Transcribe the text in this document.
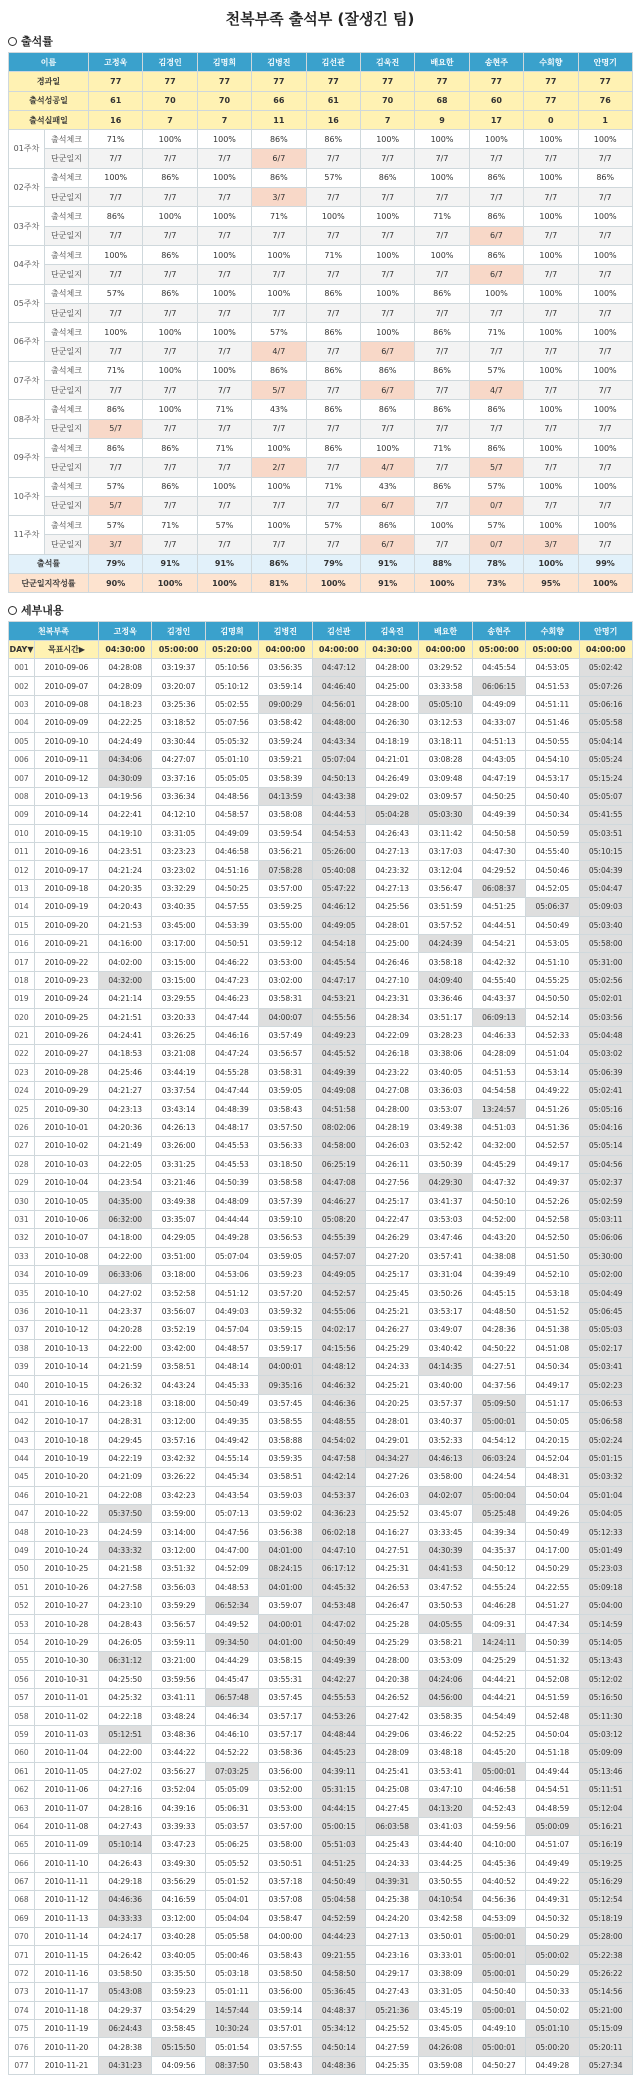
천복부족 출석부 (잘생긴 팀)
출석률
이름		고정욱	김경인	김명희	김병진	김선관	김욱진	배요한	송현주	수회향	안명기
경과일		77	77	77	77	77	77	77	77	77	77
출석성공일		61	70	70	66	61	70	68	60	77	76
출석실패일		16	7	7	11	16	7	9	17	0	1
01주차	출석체크	71%	100%	100%	86%	86%	100%	100%	100%	100%	100%
	단군일지	7/7	7/7	7/7	6/7	7/7	7/7	7/7	7/7	7/7	7/7
02주차	출석체크	100%	86%	100%	86%	57%	86%	100%	86%	100%	86%
	단군일지	7/7	7/7	7/7	3/7	7/7	7/7	7/7	7/7	7/7	7/7
03주차	출석체크	86%	100%	100%	71%	100%	100%	71%	86%	100%	100%
	단군일지	7/7	7/7	7/7	7/7	7/7	7/7	7/7	6/7	7/7	7/7
04주차	출석체크	100%	86%	100%	100%	71%	100%	100%	86%	100%	100%
	단군일지	7/7	7/7	7/7	7/7	7/7	7/7	7/7	6/7	7/7	7/7
05주차	출석체크	57%	86%	100%	100%	86%	100%	86%	100%	100%	100%
	단군일지	7/7	7/7	7/7	7/7	7/7	7/7	7/7	7/7	7/7	7/7
06주차	출석체크	100%	100%	100%	57%	86%	100%	86%	71%	100%	100%
	단군일지	7/7	7/7	7/7	4/7	7/7	6/7	7/7	7/7	7/7	7/7
07주차	출석체크	71%	100%	100%	86%	86%	86%	86%	57%	100%	100%
	단군일지	7/7	7/7	7/7	5/7	7/7	6/7	7/7	4/7	7/7	7/7
08주차	출석체크	86%	100%	71%	43%	86%	86%	86%	86%	100%	100%
	단군일지	5/7	7/7	7/7	7/7	7/7	7/7	7/7	7/7	7/7	7/7
09주차	출석체크	86%	86%	71%	100%	86%	100%	71%	86%	100%	100%
	단군일지	7/7	7/7	7/7	2/7	7/7	4/7	7/7	5/7	7/7	7/7
10주차	출석체크	57%	86%	100%	100%	71%	43%	86%	57%	100%	100%
	단군일지	5/7	7/7	7/7	7/7	7/7	6/7	7/7	0/7	7/7	7/7
11주차	출석체크	57%	71%	57%	100%	57%	86%	100%	57%	100%	100%
	단군일지	3/7	7/7	7/7	7/7	7/7	6/7	7/7	0/7	3/7	7/7
출석률		79%	91%	91%	86%	79%	91%	88%	78%	100%	99%
단군일지작성률		90%	100%	100%	81%	100%	91%	100%	73%	95%	100%
세부내용
천복부족		고정욱	김경인	김명희	김병진	김선관	김욱진	배요한	송현주	수회향	안명기
DAY▼	목표시간▶	04:30:00	05:00:00	05:20:00	04:00:00	04:00:00	04:30:00	04:00:00	05:00:00	05:00:00	04:00:00
001	2010-09-06	04:28:08	03:19:37	05:10:56	03:56:35	04:47:12	04:28:00	03:29:52	04:45:54	04:53:05	05:02:42
002	2010-09-07	04:28:09	03:20:07	05:10:12	03:59:14	04:46:40	04:25:00	03:33:58	06:06:15	04:51:53	05:07:26
003	2010-09-08	04:18:23	03:25:36	05:02:55	09:00:29	04:56:01	04:28:00	05:05:10	04:49:09	04:51:11	05:06:16
004	2010-09-09	04:22:25	03:18:52	05:07:56	03:58:42	04:48:00	04:26:30	03:12:53	04:33:07	04:51:46	05:05:58
005	2010-09-10	04:24:49	03:30:44	05:05:32	03:59:24	04:43:34	04:18:19	03:18:11	04:51:13	04:50:55	05:04:14
006	2010-09-11	04:34:06	04:27:07	05:01:10	03:59:21	05:07:04	04:21:01	03:08:28	04:43:05	04:54:10	05:05:24
007	2010-09-12	04:30:09	03:37:16	05:05:05	03:58:39	04:50:13	04:26:49	03:09:48	04:47:19	04:53:17	05:15:24
008	2010-09-13	04:19:56	03:36:34	04:48:56	04:13:59	04:43:38	04:29:02	03:09:57	04:50:25	04:50:40	05:05:07
009	2010-09-14	04:22:41	04:12:10	04:58:57	03:58:08	04:44:53	05:04:28	05:03:30	04:49:39	04:50:34	05:41:55
010	2010-09-15	04:19:10	03:31:05	04:49:09	03:59:54	04:54:53	04:26:43	03:11:42	04:50:58	04:50:59	05:03:51
011	2010-09-16	04:23:51	03:23:23	04:46:58	03:56:21	05:26:00	04:27:13	03:17:03	04:47:30	04:55:40	05:10:15
012	2010-09-17	04:21:24	03:23:02	04:51:16	07:58:28	05:40:08	04:23:32	03:12:04	04:29:52	04:50:46	05:04:39
013	2010-09-18	04:20:35	03:32:29	04:50:25	03:57:00	05:47:22	04:27:13	03:56:47	06:08:37	04:52:05	05:04:47
014	2010-09-19	04:20:43	03:40:35	04:57:55	03:59:25	04:46:12	04:25:56	03:51:59	04:51:25	05:06:37	05:09:03
015	2010-09-20	04:21:53	03:45:00	04:53:39	03:55:00	04:49:05	04:28:01	03:57:52	04:44:51	04:50:49	05:03:40
016	2010-09-21	04:16:00	03:17:00	04:50:51	03:59:12	04:54:18	04:25:00	04:24:39	04:54:21	04:53:05	05:58:00
017	2010-09-22	04:02:00	03:15:00	04:46:22	03:53:00	04:45:54	04:26:46	03:58:18	04:42:32	04:51:10	05:31:00
018	2010-09-23	04:32:00	03:15:00	04:47:23	03:02:00	04:47:17	04:27:10	04:09:40	04:55:40	04:55:25	05:02:56
019	2010-09-24	04:21:14	03:29:55	04:46:23	03:58:31	04:53:21	04:23:31	03:36:46	04:43:37	04:50:50	05:02:01
020	2010-09-25	04:21:51	03:20:33	04:47:44	04:00:07	04:55:56	04:28:34	03:51:17	06:09:13	04:52:14	05:03:56
021	2010-09-26	04:24:41	03:26:25	04:46:16	03:57:49	04:49:23	04:22:09	03:28:23	04:46:33	04:52:33	05:04:48
022	2010-09-27	04:18:53	03:21:08	04:47:24	03:56:57	04:45:52	04:26:18	03:38:06	04:28:09	04:51:04	05:03:02
023	2010-09-28	04:25:46	03:44:19	04:55:28	03:58:31	04:49:39	04:23:22	03:40:05	04:51:53	04:53:14	05:06:39
024	2010-09-29	04:21:27	03:37:54	04:47:44	03:59:05	04:49:08	04:27:08	03:36:03	04:54:58	04:49:22	05:02:41
025	2010-09-30	04:23:13	03:43:14	04:48:39	03:58:43	04:51:58	04:28:00	03:53:07	13:24:57	04:51:26	05:05:16
026	2010-10-01	04:20:36	04:26:13	04:48:17	03:57:50	08:02:06	04:28:19	03:49:38	04:51:03	04:51:36	05:04:16
027	2010-10-02	04:21:49	03:26:00	04:45:53	03:56:33	04:58:00	04:26:03	03:52:42	04:32:00	04:52:57	05:05:14
028	2010-10-03	04:22:05	03:31:25	04:45:53	03:18:50	06:25:19	04:26:11	03:50:39	04:45:29	04:49:17	05:04:56
029	2010-10-04	04:23:54	03:21:46	04:50:39	03:58:58	04:47:08	04:27:56	04:29:30	04:47:32	04:49:37	05:02:37
030	2010-10-05	04:35:00	03:49:38	04:48:09	03:57:39	04:46:27	04:25:17	03:41:37	04:50:10	04:52:26	05:02:59
031	2010-10-06	06:32:00	03:35:07	04:44:44	03:59:10	05:08:20	04:22:47	03:53:03	04:52:00	04:52:58	05:03:11
032	2010-10-07	04:18:00	04:29:05	04:49:28	03:56:53	04:55:39	04:26:29	03:47:46	04:43:20	04:52:50	05:06:06
033	2010-10-08	04:22:00	03:51:00	05:07:04	03:59:05	04:57:07	04:27:20	03:57:41	04:38:08	04:51:50	05:30:00
034	2010-10-09	06:33:06	03:18:00	04:53:06	03:59:23	04:49:05	04:25:17	03:31:04	04:39:49	04:52:10	05:02:00
035	2010-10-10	04:27:02	03:52:58	04:51:12	03:57:20	04:52:57	04:25:45	03:50:26	04:45:15	04:53:18	05:04:49
036	2010-10-11	04:23:37	03:56:07	04:49:03	03:59:32	04:55:06	04:25:21	03:53:17	04:48:50	04:51:52	05:06:45
037	2010-10-12	04:20:28	03:52:19	04:57:04	03:59:15	04:02:17	04:26:27	03:49:07	04:28:36	04:51:38	05:05:03
038	2010-10-13	04:22:00	03:42:00	04:48:57	03:59:17	04:15:56	04:25:29	03:40:42	04:50:22	04:51:08	05:02:17
039	2010-10-14	04:21:59	03:58:51	04:48:14	04:00:01	04:48:12	04:24:33	04:14:35	04:27:51	04:50:34	05:03:41
040	2010-10-15	04:26:32	04:43:24	04:45:33	09:35:16	04:46:32	04:25:21	03:40:00	04:37:56	04:49:17	05:02:23
041	2010-10-16	04:23:18	03:18:00	04:50:49	03:57:45	04:46:36	04:20:25	03:57:37	05:09:50	04:51:17	05:06:53
042	2010-10-17	04:28:31	03:12:00	04:49:35	03:58:55	04:48:55	04:28:01	03:40:37	05:00:01	04:50:05	05:06:58
043	2010-10-18	04:29:45	03:57:16	04:49:42	03:58:88	04:54:02	04:29:01	03:52:33	04:54:12	04:20:15	05:02:24
044	2010-10-19	04:22:19	03:42:32	04:55:14	03:59:35	04:47:58	04:34:27	04:46:13	06:03:24	04:52:04	05:01:15
045	2010-10-20	04:21:09	03:26:22	04:45:34	03:58:51	04:42:14	04:27:26	03:58:00	04:24:54	04:48:31	05:03:32
046	2010-10-21	04:22:08	03:42:23	04:43:54	03:59:03	04:53:37	04:26:03	04:02:07	05:00:04	04:50:04	05:01:04
047	2010-10-22	05:37:50	03:59:00	05:07:13	03:59:02	04:36:23	04:25:52	03:45:07	05:25:48	04:49:26	05:04:05
048	2010-10-23	04:24:59	03:14:00	04:47:56	03:56:38	06:02:18	04:16:27	03:33:45	04:39:34	04:50:49	05:12:33
049	2010-10-24	04:33:32	03:12:00	04:47:00	04:01:00	04:47:10	04:27:51	04:30:39	04:35:37	04:17:00	05:01:49
050	2010-10-25	04:21:58	03:51:32	04:52:09	08:24:15	06:17:12	04:25:31	04:41:53	04:50:12	04:50:29	05:23:03
051	2010-10-26	04:27:58	03:56:03	04:48:53	04:01:00	04:45:32	04:26:53	03:47:52	04:55:24	04:22:55	05:09:18
052	2010-10-27	04:23:10	03:59:29	06:52:34	03:59:07	04:53:48	04:26:47	03:50:53	04:46:28	04:51:27	05:04:00
053	2010-10-28	04:28:43	03:56:57	04:49:52	04:00:01	04:47:02	04:25:28	04:05:55	04:09:31	04:47:34	05:14:59
054	2010-10-29	04:26:05	03:59:11	09:34:50	04:01:00	04:50:49	04:25:29	03:58:21	14:24:11	04:50:39	05:14:05
055	2010-10-30	06:31:12	03:21:00	04:44:29	03:58:15	04:49:39	04:28:00	03:53:09	04:25:29	04:51:32	05:13:43
056	2010-10-31	04:25:50	03:59:56	04:45:47	03:55:31	04:42:27	04:20:38	04:24:06	04:44:21	04:52:08	05:12:02
057	2010-11-01	04:25:32	03:41:11	06:57:48	03:57:45	04:55:53	04:26:52	04:56:00	04:44:21	04:51:59	05:16:50
058	2010-11-02	04:22:18	03:48:24	04:46:34	03:57:17	04:53:26	04:27:42	03:58:35	04:54:49	04:52:48	05:11:30
059	2010-11-03	05:12:51	03:48:36	04:46:10	03:57:17	04:48:44	04:29:06	03:46:22	04:52:25	04:50:04	05:03:12
060	2010-11-04	04:22:00	03:44:22	04:52:22	03:58:36	04:45:23	04:28:09	03:48:18	04:45:20	04:51:18	05:09:09
061	2010-11-05	04:27:02	03:56:27	07:03:25	03:56:00	04:39:11	04:25:41	03:53:41	05:00:01	04:49:44	05:13:46
062	2010-11-06	04:27:16	03:52:04	05:05:09	03:52:00	05:31:15	04:25:08	03:47:10	04:46:58	04:54:51	05:11:51
063	2010-11-07	04:28:16	04:39:16	05:06:31	03:53:00	04:44:15	04:27:45	04:13:20	04:52:43	04:48:59	05:12:04
064	2010-11-08	04:27:43	03:39:33	05:03:57	03:57:00	05:00:15	06:03:58	03:41:03	04:59:56	05:00:09	05:16:21
065	2010-11-09	05:10:14	03:47:23	05:06:25	03:58:00	05:51:03	04:25:43	03:44:40	04:10:00	04:51:07	05:16:19
066	2010-11-10	04:26:43	03:49:30	05:05:52	03:50:51	04:51:25	04:24:33	03:44:25	04:45:36	04:49:49	05:19:25
067	2010-11-11	04:29:18	03:56:29	05:01:52	03:57:18	04:50:49	04:39:31	03:50:55	04:40:52	04:49:22	05:16:29
068	2010-11-12	04:46:36	04:16:59	05:04:01	03:57:08	05:04:58	04:25:38	04:10:54	04:56:36	04:49:31	05:12:54
069	2010-11-13	04:33:33	03:12:00	05:04:04	03:58:47	04:52:59	04:24:20	03:42:58	04:53:09	04:50:32	05:18:19
070	2010-11-14	04:24:17	03:40:28	05:05:58	04:00:00	04:44:23	04:27:13	03:50:01	05:00:01	04:50:29	05:28:00
071	2010-11-15	04:26:42	03:40:05	05:00:46	03:58:43	09:21:55	04:23:16	03:33:01	05:00:01	05:00:02	05:22:38
072	2010-11-16	03:58:50	03:35:50	05:03:18	03:58:50	04:58:50	04:29:17	03:38:09	05:00:01	04:50:29	05:26:22
073	2010-11-17	05:43:08	03:59:23	05:01:11	03:56:00	05:36:45	04:27:43	03:31:05	04:50:40	04:50:33	05:14:56
074	2010-11-18	04:29:37	03:54:29	14:57:44	03:59:14	04:48:37	05:21:36	03:45:19	05:00:01	04:50:02	05:21:00
075	2010-11-19	06:24:43	03:58:45	10:30:24	03:57:01	05:34:12	04:25:52	03:45:05	04:49:10	05:01:10	05:15:09
076	2010-11-20	04:28:38	05:15:50	05:01:54	03:57:55	04:50:14	04:27:59	04:26:08	05:00:01	05:00:20	05:20:11
077	2010-11-21	04:31:23	04:09:56	08:37:50	03:58:43	04:48:36	04:25:35	03:59:08	04:50:27	04:49:28	05:27:34
